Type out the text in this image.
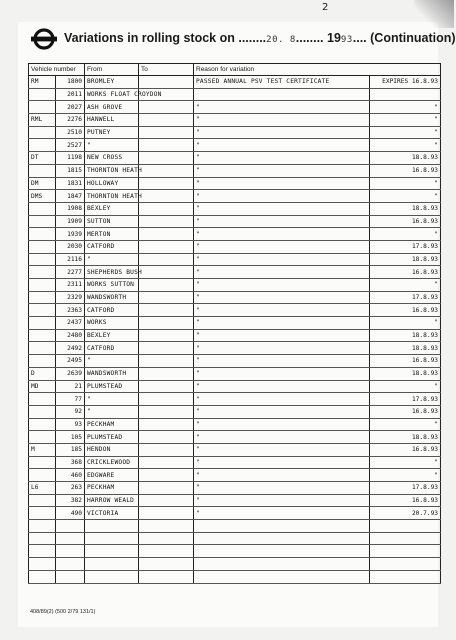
2
Variations in rolling stock on ........20. 8........ 1993.... (Continuation)
Vehicle number		From	To	Reason for variation	
RM	1800	BROMLEY		PASSED ANNUAL PSV TEST CERTIFICATE	EXPIRES 16.8.93
	2011	WORKS FLOAT CROYDON			
	2027	ASH GROVE		"	"
RML	2276	HANWELL		"	"
	2510	PUTNEY		"	"
	2527	"		"	"
DT	1198	NEW CROSS		"	18.8.93
	1815	THORNTON HEATH		"	16.8.93
DM	1831	HOLLOWAY		"	"
DMS	1847	THORNTON HEATH		"	"
	1908	BEXLEY		"	18.8.93
	1909	SUTTON		"	16.8.93
	1939	MERTON		"	"
	2030	CATFORD		"	17.8.93
	2116	"		"	18.8.93
	2277	SHEPHERDS BUSH		"	16.8.93
	2311	WORKS SUTTON		"	"
	2329	WANDSWORTH		"	17.8.93
	2363	CATFORD		"	16.8.93
	2437	WORKS		"	"
	2480	BEXLEY		"	18.8.93
	2492	CATFORD		"	18.8.93
	2495	"		"	16.8.93
D	2639	WANDSWORTH		"	18.8.93
MD	21	PLUMSTEAD		"	"
	77	"		"	17.8.93
	92	"		"	16.8.93
	93	PECKHAM		"	"
	105	PLUMSTEAD		"	18.8.93
M	185	HENDON		"	16.8.93
	368	CRICKLEWOOD		"	"
	460	EDGWARE		"	"
L6	263	PECKHAM		"	17.8.93
	382	HARROW WEALD		"	16.8.93
	490	VICTORIA		"	20.7.93

408/89(2) (500 2/79 131/1)
